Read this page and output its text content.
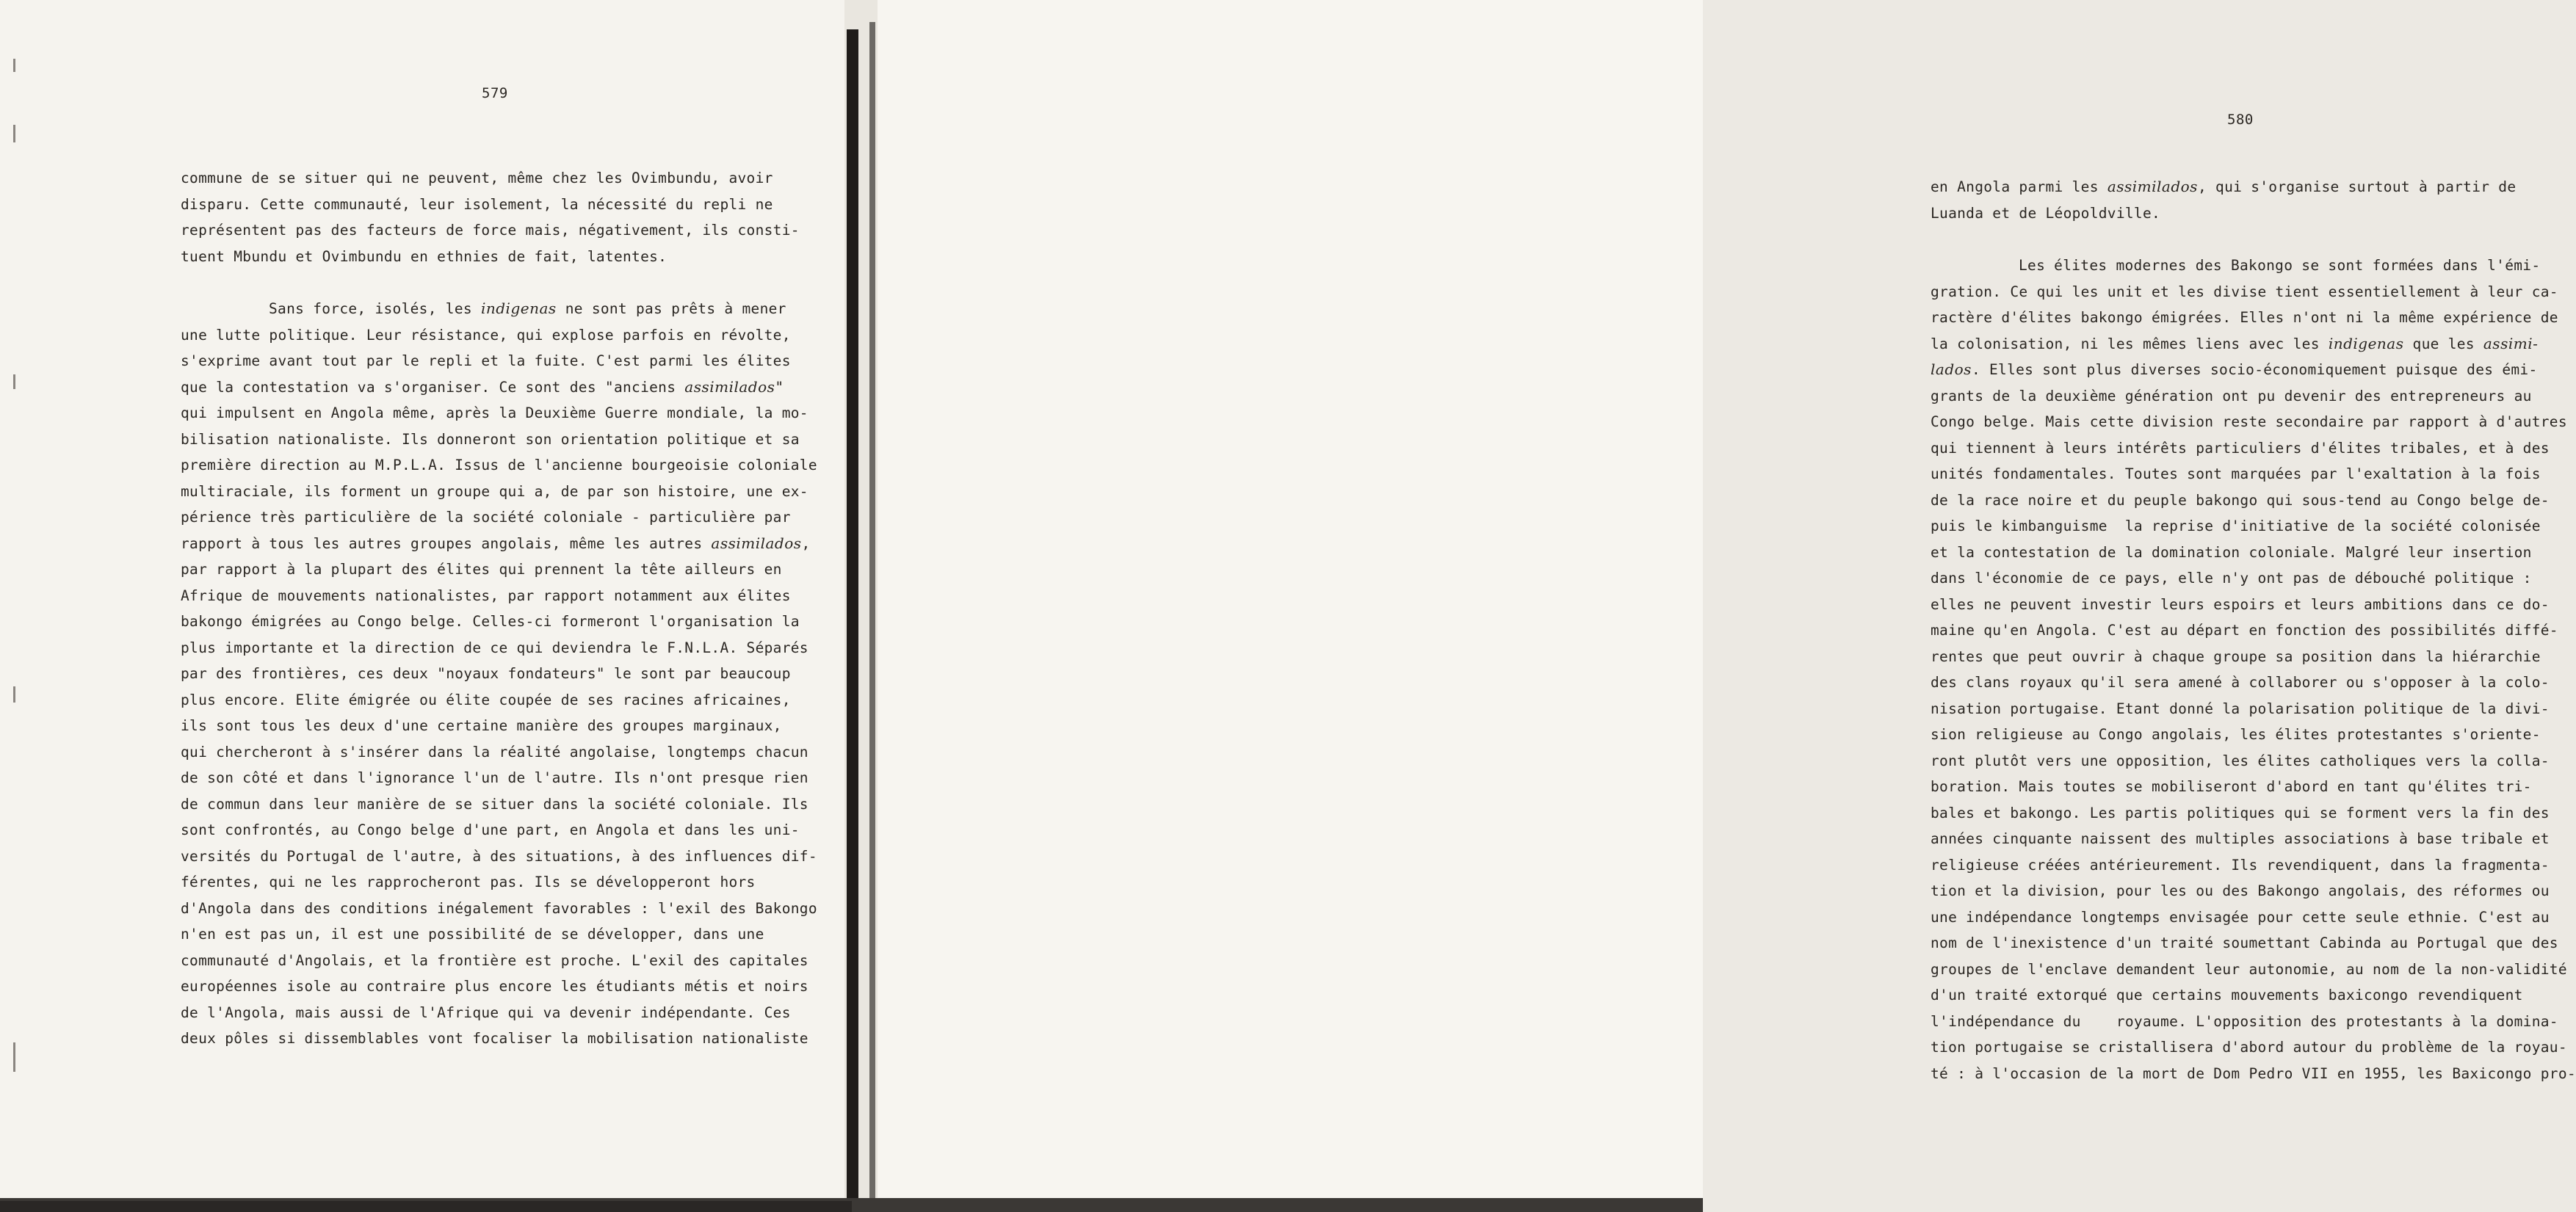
579
commune de se situer qui ne peuvent, même chez les Ovimbundu, avoir
disparu. Cette communauté, leur isolement, la nécessité du repli ne
représentent pas des facteurs de force mais, négativement, ils consti-
tuent Mbundu et Ovimbundu en ethnies de fait, latentes.
Sans force, isolés, les indigenas ne sont pas prêts à mener
une lutte politique. Leur résistance, qui explose parfois en révolte,
s'exprime avant tout par le repli et la fuite. C'est parmi les élites
que la contestation va s'organiser. Ce sont des "anciens assimilados"
qui impulsent en Angola même, après la Deuxième Guerre mondiale, la mo-
bilisation nationaliste. Ils donneront son orientation politique et sa
première direction au M.P.L.A. Issus de l'ancienne bourgeoisie coloniale
multiraciale, ils forment un groupe qui a, de par son histoire, une ex-
périence très particulière de la société coloniale - particulière par
rapport à tous les autres groupes angolais, même les autres assimilados,
par rapport à la plupart des élites qui prennent la tête ailleurs en
Afrique de mouvements nationalistes, par rapport notamment aux élites
bakongo émigrées au Congo belge. Celles-ci formeront l'organisation la
plus importante et la direction de ce qui deviendra le F.N.L.A. Séparés
par des frontières, ces deux "noyaux fondateurs" le sont par beaucoup
plus encore. Elite émigrée ou élite coupée de ses racines africaines,
ils sont tous les deux d'une certaine manière des groupes marginaux,
qui chercheront à s'insérer dans la réalité angolaise, longtemps chacun
de son côté et dans l'ignorance l'un de l'autre. Ils n'ont presque rien
de commun dans leur manière de se situer dans la société coloniale. Ils
sont confrontés, au Congo belge d'une part, en Angola et dans les uni-
versités du Portugal de l'autre, à des situations, à des influences dif-
férentes, qui ne les rapprocheront pas. Ils se développeront hors
d'Angola dans des conditions inégalement favorables : l'exil des Bakongo
n'en est pas un, il est une possibilité de se développer, dans une
communauté d'Angolais, et la frontière est proche. L'exil des capitales
européennes isole au contraire plus encore les étudiants métis et noirs
de l'Angola, mais aussi de l'Afrique qui va devenir indépendante. Ces
deux pôles si dissemblables vont focaliser la mobilisation nationaliste
580
en Angola parmi les assimilados, qui s'organise surtout à partir de
Luanda et de Léopoldville.
Les élites modernes des Bakongo se sont formées dans l'émi-
gration. Ce qui les unit et les divise tient essentiellement à leur ca-
ractère d'élites bakongo émigrées. Elles n'ont ni la même expérience de
la colonisation, ni les mêmes liens avec les indigenas que les assimi-
lados. Elles sont plus diverses socio-économiquement puisque des émi-
grants de la deuxième génération ont pu devenir des entrepreneurs au
Congo belge. Mais cette division reste secondaire par rapport à d'autres
qui tiennent à leurs intérêts particuliers d'élites tribales, et à des
unités fondamentales. Toutes sont marquées par l'exaltation à la fois
de la race noire et du peuple bakongo qui sous-tend au Congo belge de-
puis le kimbanguisme  la reprise d'initiative de la société colonisée
et la contestation de la domination coloniale. Malgré leur insertion
dans l'économie de ce pays, elle n'y ont pas de débouché politique :
elles ne peuvent investir leurs espoirs et leurs ambitions dans ce do-
maine qu'en Angola. C'est au départ en fonction des possibilités diffé-
rentes que peut ouvrir à chaque groupe sa position dans la hiérarchie
des clans royaux qu'il sera amené à collaborer ou s'opposer à la colo-
nisation portugaise. Etant donné la polarisation politique de la divi-
sion religieuse au Congo angolais, les élites protestantes s'oriente-
ront plutôt vers une opposition, les élites catholiques vers la colla-
boration. Mais toutes se mobiliseront d'abord en tant qu'élites tri-
bales et bakongo. Les partis politiques qui se forment vers la fin des
années cinquante naissent des multiples associations à base tribale et
religieuse créées antérieurement. Ils revendiquent, dans la fragmenta-
tion et la division, pour les ou des Bakongo angolais, des réformes ou
une indépendance longtemps envisagée pour cette seule ethnie. C'est au
nom de l'inexistence d'un traité soumettant Cabinda au Portugal que des
groupes de l'enclave demandent leur autonomie, au nom de la non-validité
d'un traité extorqué que certains mouvements baxicongo revendiquent
l'indépendance du    royaume. L'opposition des protestants à la domina-
tion portugaise se cristallisera d'abord autour du problème de la royau-
té : à l'occasion de la mort de Dom Pedro VII en 1955, les Baxicongo pro-
